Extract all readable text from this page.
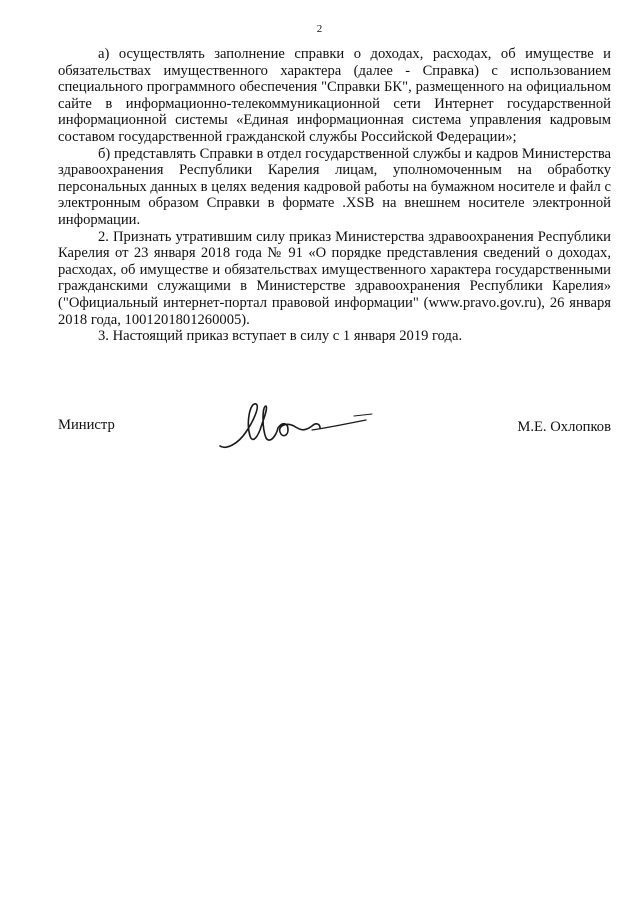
2

а) осуществлять заполнение справки о доходах, расходах, об имуществе и обязательствах имущественного характера (далее - Справка) с использованием специального программного обеспечения "Справки БК", размещенного на официальном сайте в информационно-телекоммуникационной сети Интернет государственной информационной системы «Единая информационная система управления кадровым составом государственной гражданской службы Российской Федерации»;

б) представлять Справки в отдел государственной службы и кадров Министерства здравоохранения Республики Карелия лицам, уполномоченным на обработку персональных данных в целях ведения кадровой работы на бумажном носителе и файл с электронным образом Справки в формате .XSB на внешнем носителе электронной информации.

2. Признать утратившим силу приказ Министерства здравоохранения Республики Карелия от 23 января 2018 года № 91 «О порядке представления сведений о доходах, расходах, об имуществе и обязательствах имущественного характера государственными гражданскими служащими в Министерстве здравоохранения Республики Карелия» ("Официальный интернет-портал правовой информации" (www.pravo.gov.ru), 26 января 2018 года, 1001201801260005).

3. Настоящий приказ вступает в силу с 1 января 2019 года.

Министр	М.Е. Охлопков
